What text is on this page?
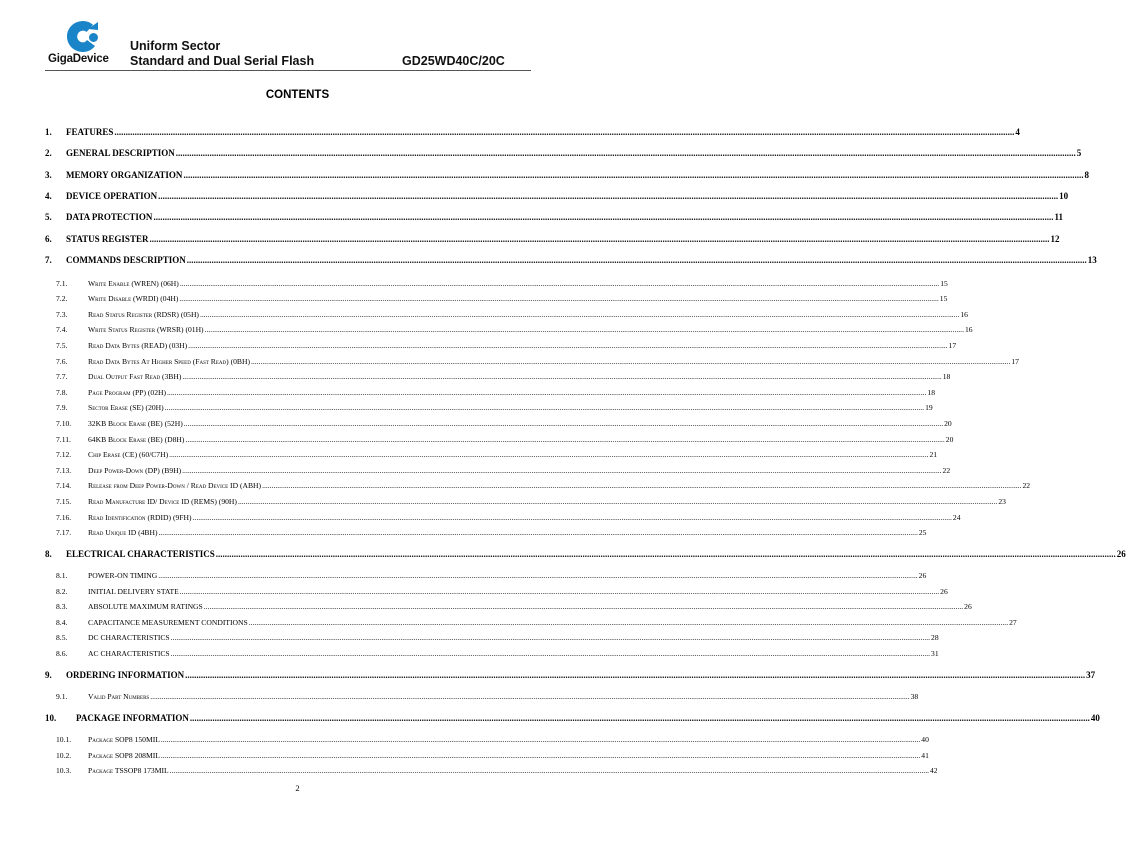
GigaDevice
Uniform Sector
Standard and Dual Serial Flash	GD25WD40C/20C
CONTENTS
1.	FEATURES ................................................................................................................................................................................................................................................................................................................................................................................................................ 4
2.	GENERAL DESCRIPTION ................................................................................................................................................................................................................................................................................................................................................................................................................ 5
3.	MEMORY ORGANIZATION ................................................................................................................................................................................................................................................................................................................................................................................................................ 8
4.	DEVICE OPERATION ................................................................................................................................................................................................................................................................................................................................................................................................................ 10
5.	DATA PROTECTION ................................................................................................................................................................................................................................................................................................................................................................................................................ 11
6.	STATUS REGISTER ................................................................................................................................................................................................................................................................................................................................................................................................................ 12
7.	COMMANDS DESCRIPTION ................................................................................................................................................................................................................................................................................................................................................................................................................ 13
7.1.	Write Enable (WREN) (06H) ................................................................................................................................................................................................................................................................................................................................................................................................................ 15
7.2.	Write Disable (WRDI) (04H) ................................................................................................................................................................................................................................................................................................................................................................................................................ 15
7.3.	Read Status Register (RDSR) (05H) ................................................................................................................................................................................................................................................................................................................................................................................................................ 16
7.4.	Write Status Register (WRSR) (01H) ................................................................................................................................................................................................................................................................................................................................................................................................................ 16
7.5.	Read Data Bytes (READ) (03H) ................................................................................................................................................................................................................................................................................................................................................................................................................ 17
7.6.	Read Data Bytes At Higher Speed (Fast Read) (0BH) ................................................................................................................................................................................................................................................................................................................................................................................................................ 17
7.7.	Dual Output Fast Read (3BH) ................................................................................................................................................................................................................................................................................................................................................................................................................ 18
7.8.	Page Program (PP) (02H) ................................................................................................................................................................................................................................................................................................................................................................................................................ 18
7.9.	Sector Erase (SE) (20H) ................................................................................................................................................................................................................................................................................................................................................................................................................ 19
7.10.	32KB Block Erase (BE) (52H) ................................................................................................................................................................................................................................................................................................................................................................................................................ 20
7.11.	64KB Block Erase (BE) (D8H) ................................................................................................................................................................................................................................................................................................................................................................................................................ 20
7.12.	Chip Erase (CE) (60/C7H) ................................................................................................................................................................................................................................................................................................................................................................................................................ 21
7.13.	Deep Power-Down (DP) (B9H) ................................................................................................................................................................................................................................................................................................................................................................................................................ 22
7.14.	Release from Deep Power-Down / Read Device ID (ABH) ................................................................................................................................................................................................................................................................................................................................................................................................................ 22
7.15.	Read Manufacture ID/ Device ID (REMS) (90H) ................................................................................................................................................................................................................................................................................................................................................................................................................ 23
7.16.	Read Identification (RDID) (9FH) ................................................................................................................................................................................................................................................................................................................................................................................................................ 24
7.17.	Read Unique ID (4BH) ................................................................................................................................................................................................................................................................................................................................................................................................................ 25
8.	ELECTRICAL CHARACTERISTICS ................................................................................................................................................................................................................................................................................................................................................................................................................ 26
8.1.	POWER-ON TIMING ................................................................................................................................................................................................................................................................................................................................................................................................................ 26
8.2.	INITIAL DELIVERY STATE ................................................................................................................................................................................................................................................................................................................................................................................................................ 26
8.3.	ABSOLUTE MAXIMUM RATINGS ................................................................................................................................................................................................................................................................................................................................................................................................................ 26
8.4.	CAPACITANCE MEASUREMENT CONDITIONS ................................................................................................................................................................................................................................................................................................................................................................................................................ 27
8.5.	DC CHARACTERISTICS ................................................................................................................................................................................................................................................................................................................................................................................................................ 28
8.6.	AC CHARACTERISTICS ................................................................................................................................................................................................................................................................................................................................................................................................................ 31
9.	ORDERING INFORMATION ................................................................................................................................................................................................................................................................................................................................................................................................................ 37
9.1.	Valid Part Numbers ................................................................................................................................................................................................................................................................................................................................................................................................................ 38
10.	PACKAGE INFORMATION ................................................................................................................................................................................................................................................................................................................................................................................................................ 40
10.1.	Package SOP8 150MIL ................................................................................................................................................................................................................................................................................................................................................................................................................ 40
10.2.	Package SOP8 208MIL ................................................................................................................................................................................................................................................................................................................................................................................................................ 41
10.3.	Package TSSOP8 173MIL ................................................................................................................................................................................................................................................................................................................................................................................................................ 42
2
